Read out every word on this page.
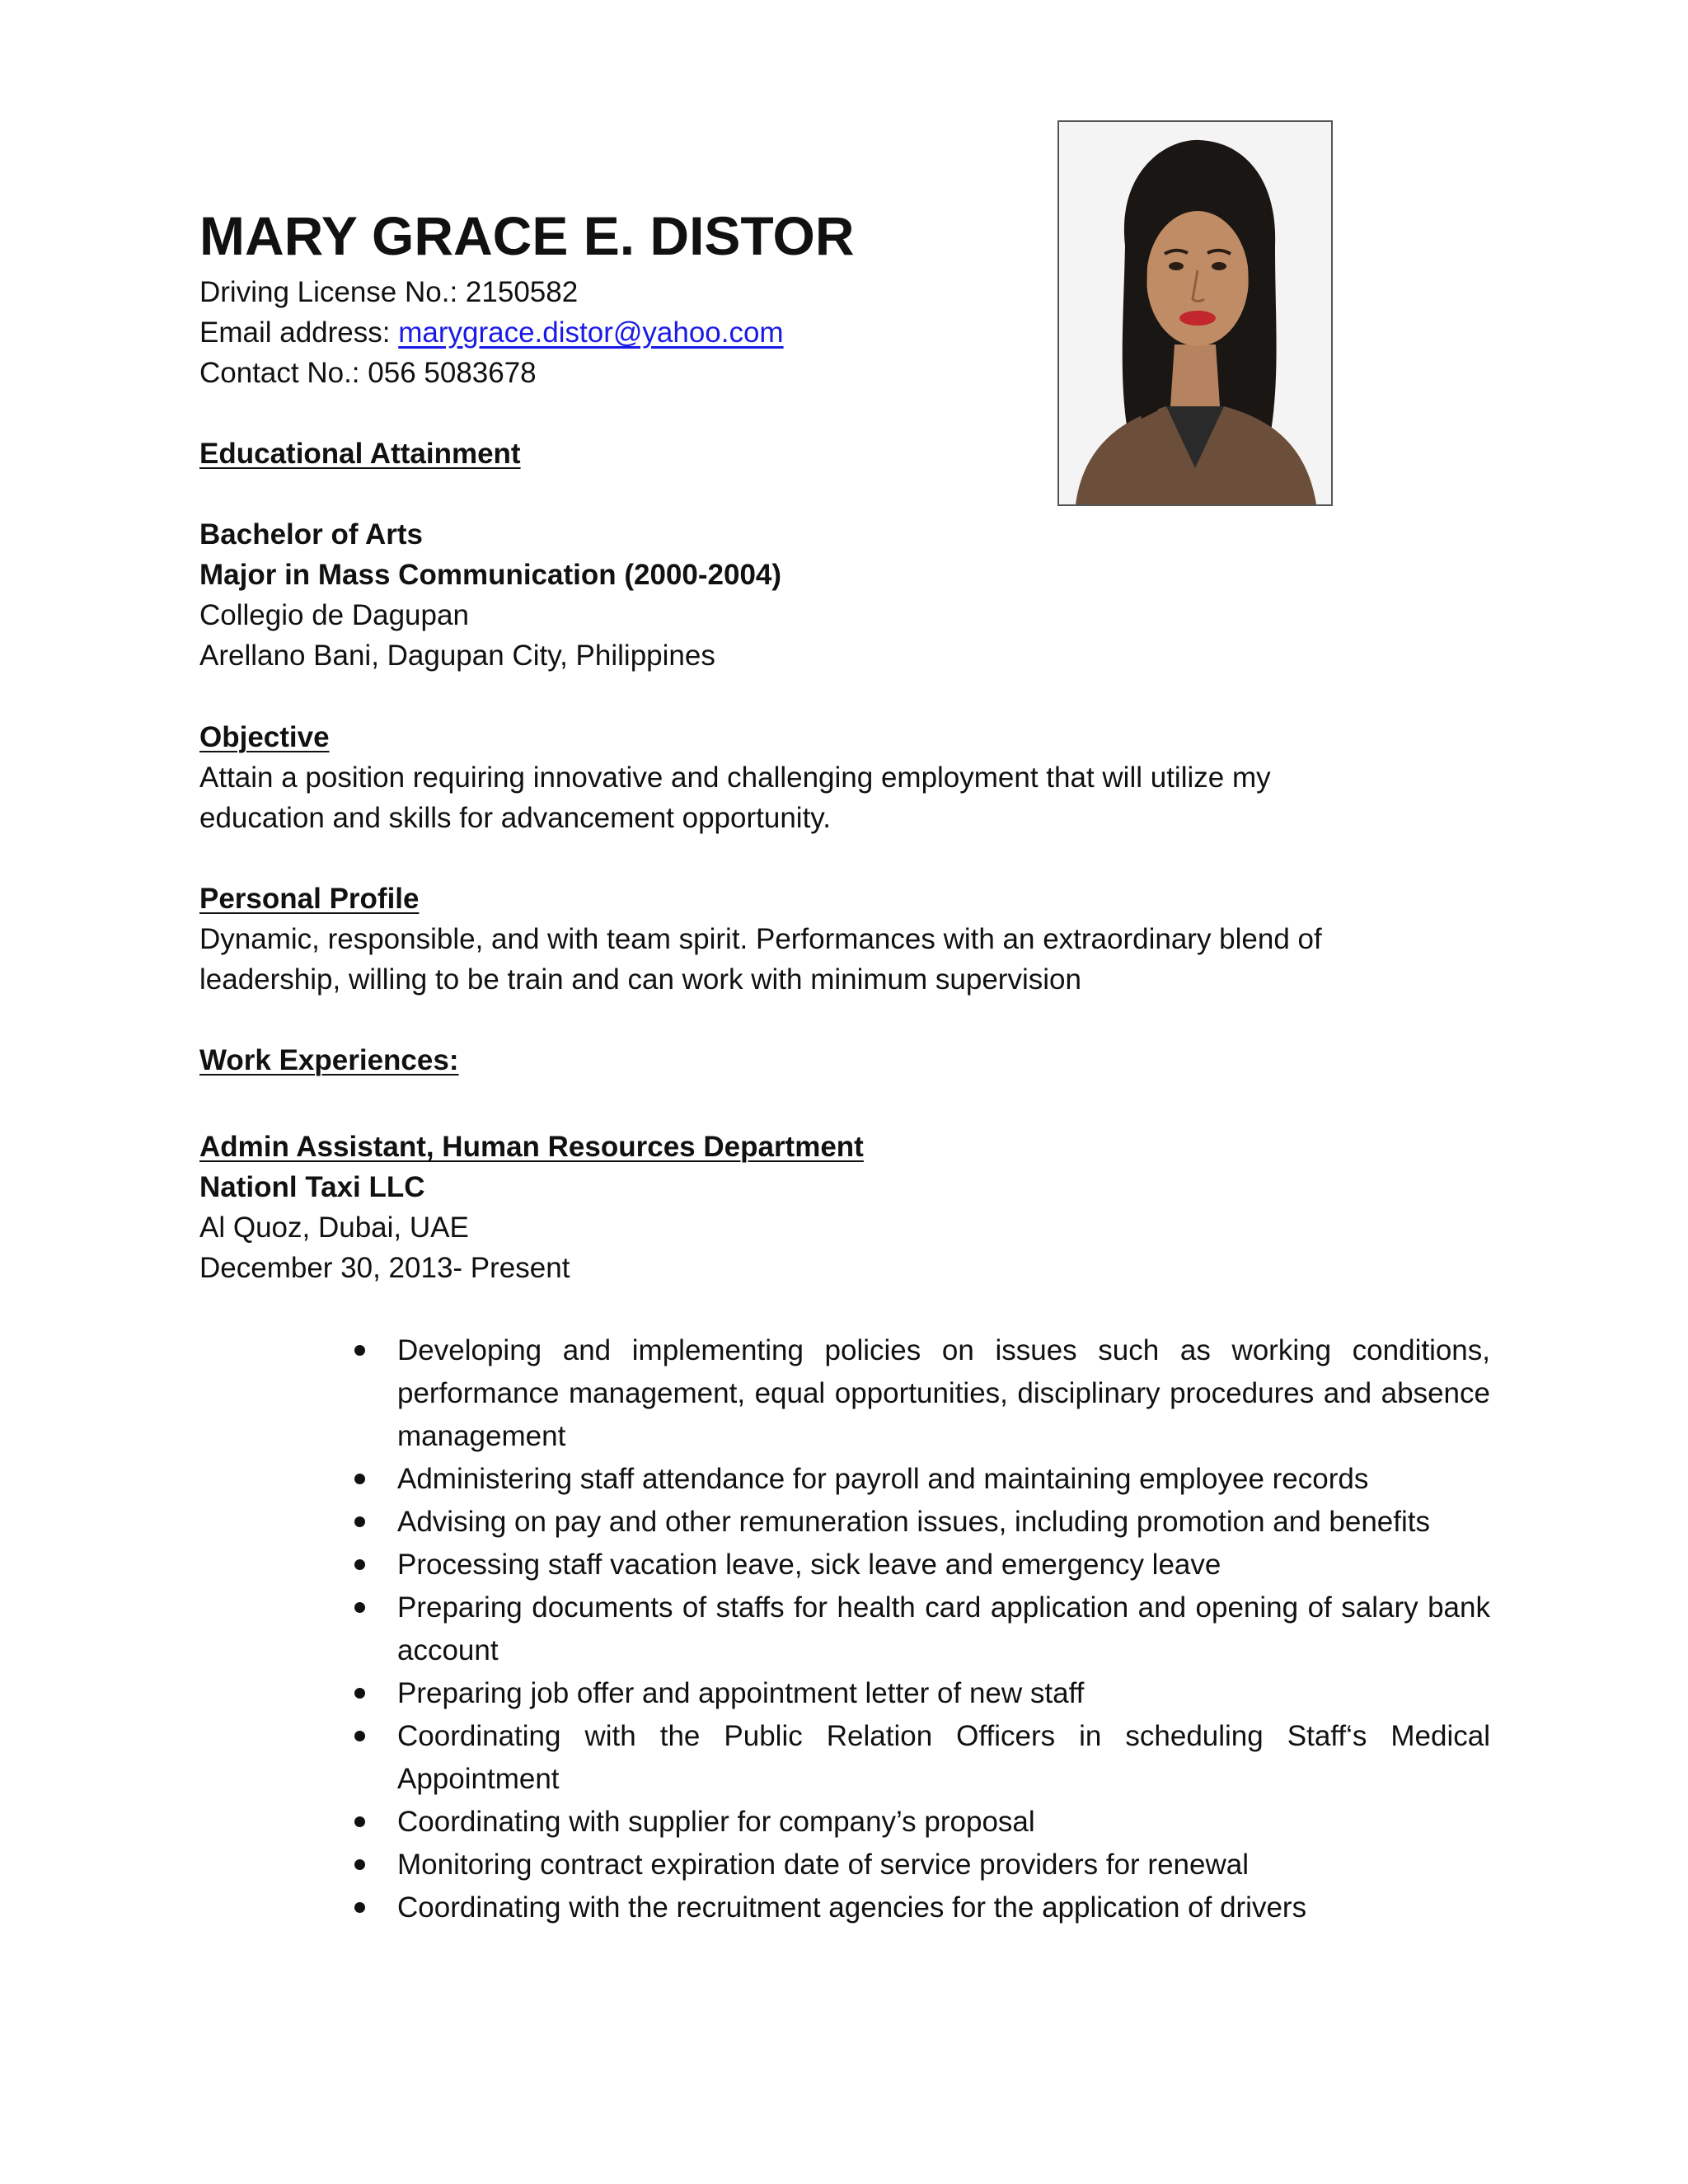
MARY GRACE E. DISTOR
Driving License No.: 2150582
Email address: marygrace.distor@yahoo.com
Contact No.: 056 5083678
Educational Attainment
Bachelor of Arts
Major in Mass Communication (2000-2004)
Collegio de Dagupan
Arellano Bani, Dagupan City, Philippines
Objective
Attain a position requiring innovative and challenging employment that will utilize my education and skills for advancement opportunity.
Personal Profile
Dynamic, responsible, and with team spirit. Performances with an extraordinary blend of leadership, willing to be train and can work with minimum supervision
Work Experiences:
Admin Assistant, Human Resources Department
Nationl Taxi LLC
Al Quoz, Dubai, UAE
December 30, 2013- Present
Developing and implementing policies on issues such as working conditions, performance management, equal opportunities, disciplinary procedures and absence management
Administering staff attendance for payroll and maintaining employee records
Advising on pay and other remuneration issues, including promotion and benefits
Processing staff vacation leave, sick leave and emergency leave
Preparing documents of staffs for health card application and opening of salary bank account
Preparing job offer and appointment letter of new staff
Coordinating with the Public Relation Officers in scheduling Staff‘s Medical Appointment
Coordinating with supplier for company’s proposal
Monitoring contract expiration date of service providers for renewal
Coordinating with the recruitment agencies for the application of drivers
